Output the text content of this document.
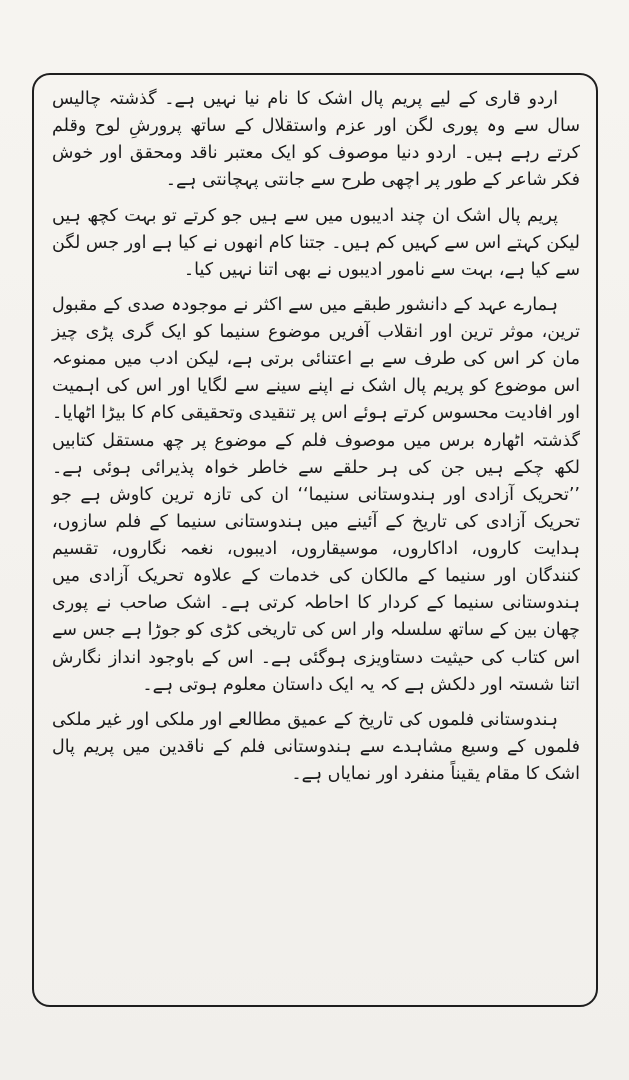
اردو قاری کے لیے پریم پال اشک کا نام نیا نہیں ہے۔ گذشتہ چالیس سال سے وہ پوری لگن اور عزم واستقلال کے ساتھ پرورشِ لوح وقلم کرتے رہے ہیں۔ اردو دنیا موصوف کو ایک معتبر ناقد ومحقق اور خوش فکر شاعر کے طور پر اچھی طرح سے جانتی پہچانتی ہے۔

پریم پال اشک ان چند ادیبوں میں سے ہیں جو کرتے تو بہت کچھ ہیں لیکن کہتے اس سے کہیں کم ہیں۔ جتنا کام انھوں نے کیا ہے اور جس لگن سے کیا ہے، بہت سے نامور ادیبوں نے بھی اتنا نہیں کیا۔

ہمارے عہد کے دانشور طبقے میں سے اکثر نے موجودہ صدی کے مقبول ترین، موثر ترین اور انقلاب آفریں موضوع سنیما کو ایک گری پڑی چیز مان کر اس کی طرف سے بے اعتنائی برتی ہے، لیکن ادب میں ممنوعہ اس موضوع کو پریم پال اشک نے اپنے سینے سے لگایا اور اس کی اہمیت اور افادیت محسوس کرتے ہوئے اس پر تنقیدی وتحقیقی کام کا بیڑا اٹھایا۔ گذشتہ اٹھارہ برس میں موصوف فلم کے موضوع پر چھ مستقل کتابیں لکھ چکے ہیں جن کی ہر حلقے سے خاطر خواہ پذیرائی ہوئی ہے۔ ’’تحریک آزادی اور ہندوستانی سنیما‘‘ ان کی تازہ ترین کاوش ہے جو تحریک آزادی کی تاریخ کے آئینے میں ہندوستانی سنیما کے فلم سازوں، ہدایت کاروں، اداکاروں، موسیقاروں، ادیبوں، نغمہ نگاروں، تقسیم کنندگان اور سنیما کے مالکان کی خدمات کے علاوہ تحریک آزادی میں ہندوستانی سنیما کے کردار کا احاطہ کرتی ہے۔ اشک صاحب نے پوری چھان بین کے ساتھ سلسلہ وار اس کی تاریخی کڑی کو جوڑا ہے جس سے اس کتاب کی حیثیت دستاویزی ہوگئی ہے۔ اس کے باوجود انداز نگارش اتنا شستہ اور دلکش ہے کہ یہ ایک داستان معلوم ہوتی ہے۔

ہندوستانی فلموں کی تاریخ کے عمیق مطالعے اور ملکی اور غیر ملکی فلموں کے وسیع مشاہدے سے ہندوستانی فلم کے ناقدین میں پریم پال اشک کا مقام یقیناً منفرد اور نمایاں ہے۔
